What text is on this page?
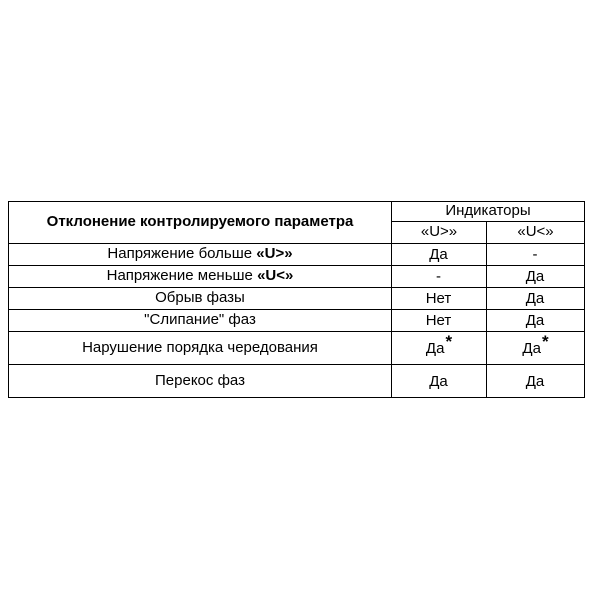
Отклонение контролируемого параметра	Индикаторы	
	«U>»	«U<»
Напряжение больше «U>»	Да	-
Напряжение меньше «U<»	-	Да
Обрыв фазы	Нет	Да
"Слипание" фаз	Нет	Да
Нарушение порядка чередования	Да*	Да*
Перекос фаз	Да	Да
